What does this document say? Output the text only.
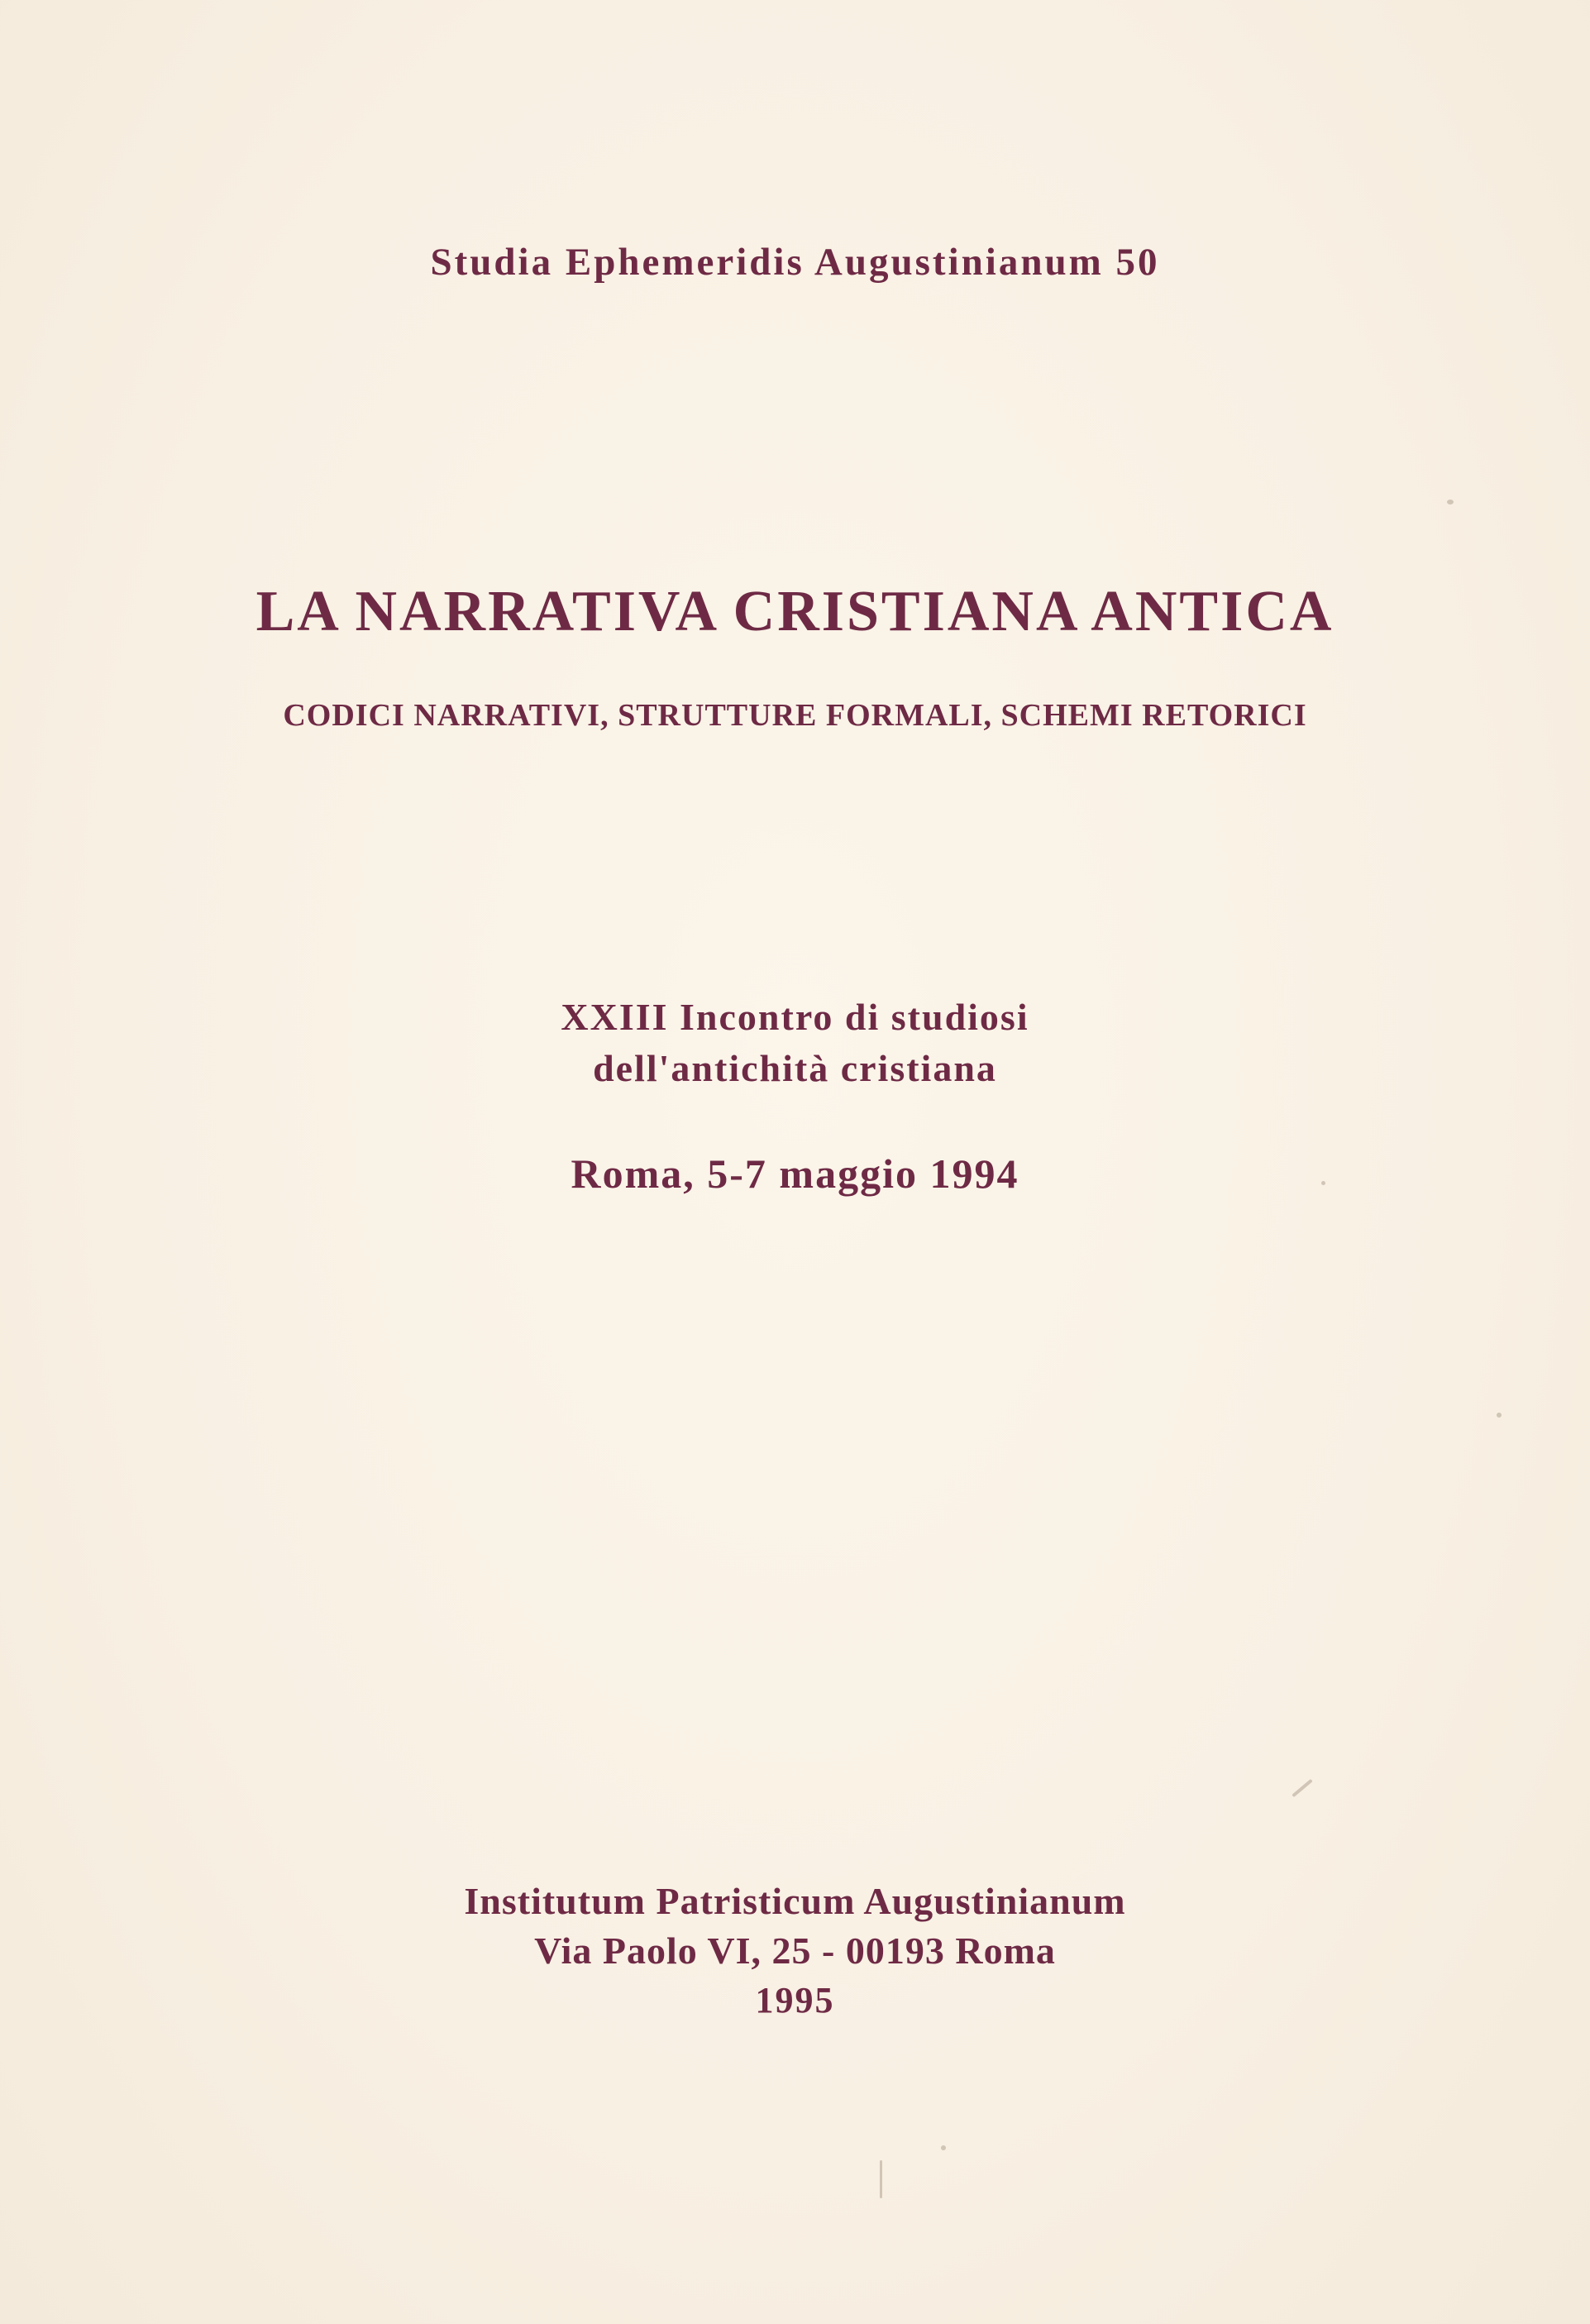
Studia Ephemeridis Augustinianum 50
LA NARRATIVA CRISTIANA ANTICA
CODICI NARRATIVI, STRUTTURE FORMALI, SCHEMI RETORICI
XXIII Incontro di studiosi
dell'antichità cristiana
Roma, 5-7 maggio 1994
Institutum Patristicum Augustinianum
Via Paolo VI, 25 - 00193 Roma
1995
